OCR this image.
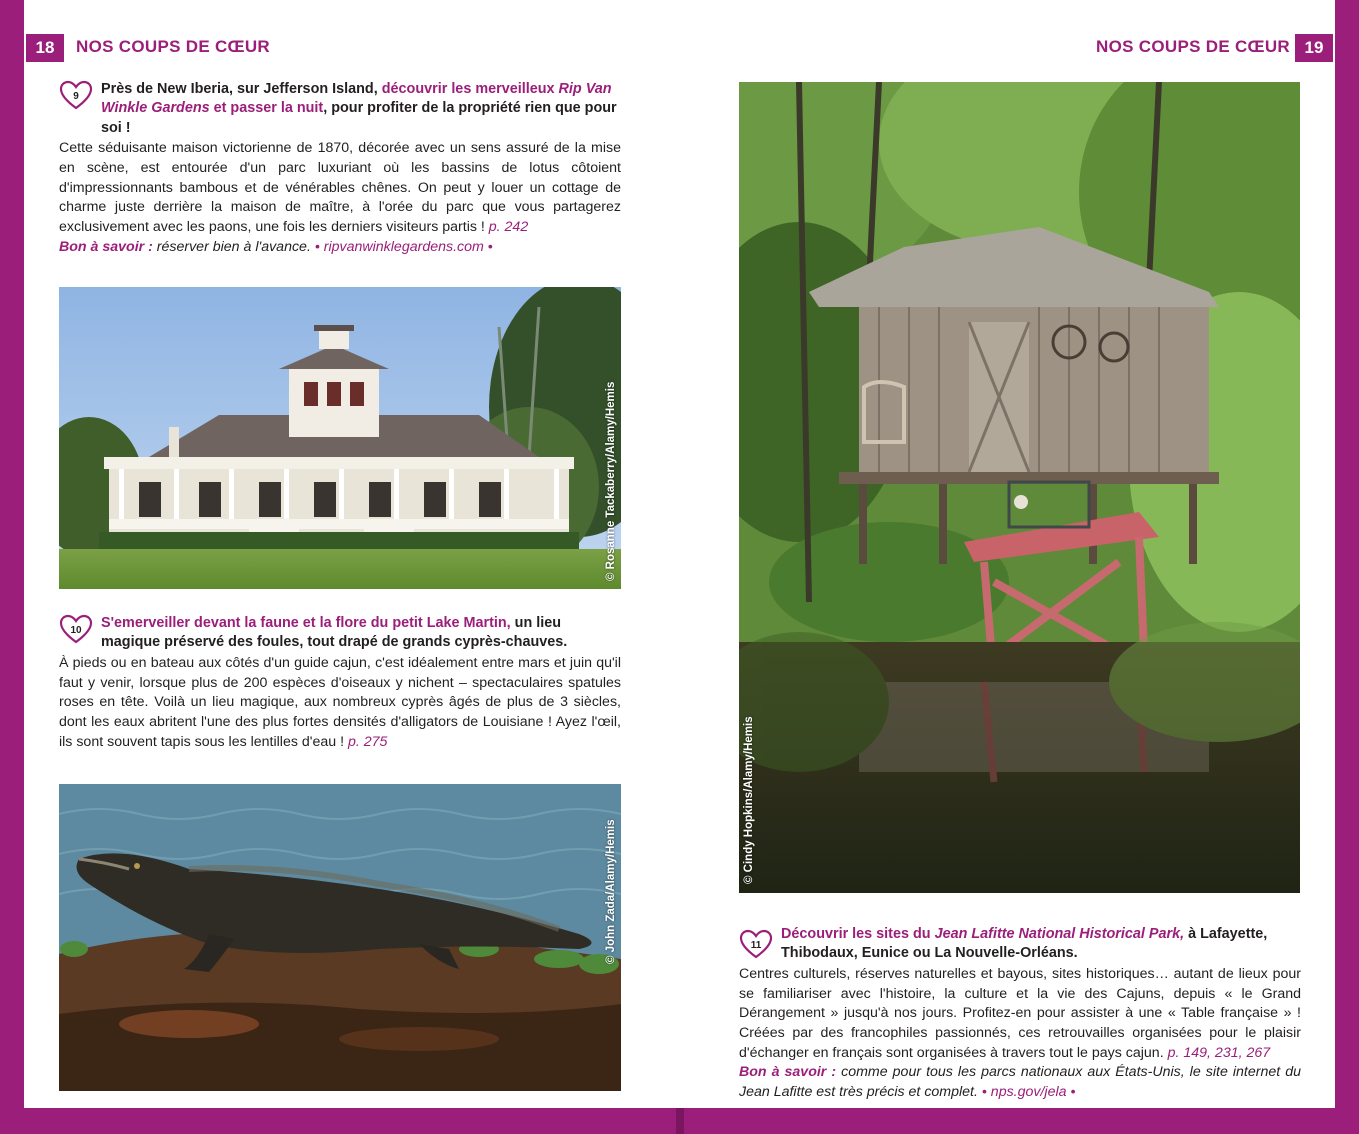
18	NOS COUPS DE CŒUR	NOS COUPS DE CŒUR 19
9	Près de New Iberia, sur Jefferson Island, découvrir les merveilleux Rip Van Winkle Gardens et passer la nuit, pour profiter de la propriété rien que pour soi !
Cette séduisante maison victorienne de 1870, décorée avec un sens assuré de la mise en scène, est entourée d'un parc luxuriant où les bassins de lotus côtoient d'impressionnants bambous et de vénérables chênes. On peut y louer un cottage de charme juste derrière la maison de maître, à l'orée du parc que vous partagerez exclusivement avec les paons, une fois les derniers visiteurs partis ! p. 242
Bon à savoir : réserver bien à l'avance. • ripvanwinklegardens.com •
© Rosanne Tackaberry/Alamy/Hemis
10	S'emerveiller devant la faune et la flore du petit Lake Martin, un lieu magique préservé des foules, tout drapé de grands cyprès-chauves.
À pieds ou en bateau aux côtés d'un guide cajun, c'est idéalement entre mars et juin qu'il faut y venir, lorsque plus de 200 espèces d'oiseaux y nichent – spectaculaires spatules roses en tête. Voilà un lieu magique, aux nombreux cyprès âgés de plus de 3 siècles, dont les eaux abritent l'une des plus fortes densités d'alligators de Louisiane ! Ayez l'œil, ils sont souvent tapis sous les lentilles d'eau ! p. 275
© John Zada/Alamy/Hemis
© Cindy Hopkins/Alamy/Hemis
11
Découvrir les sites du Jean Lafitte National Historical Park, à Lafayette, Thibodaux, Eunice ou La Nouvelle-Orléans.
Centres culturels, réserves naturelles et bayous, sites historiques… autant de lieux pour se familiariser avec l'histoire, la culture et la vie des Cajuns, depuis « le Grand Dérangement » jusqu'à nos jours. Profitez-en pour assister à une « Table française » ! Créées par des francophiles passionnés, ces retrouvailles organisées pour le plaisir d'échanger en français sont organisées à travers tout le pays cajun. p. 149, 231, 267
Bon à savoir : comme pour tous les parcs nationaux aux États-Unis, le site internet du Jean Lafitte est très précis et complet. • nps.gov/jela •
